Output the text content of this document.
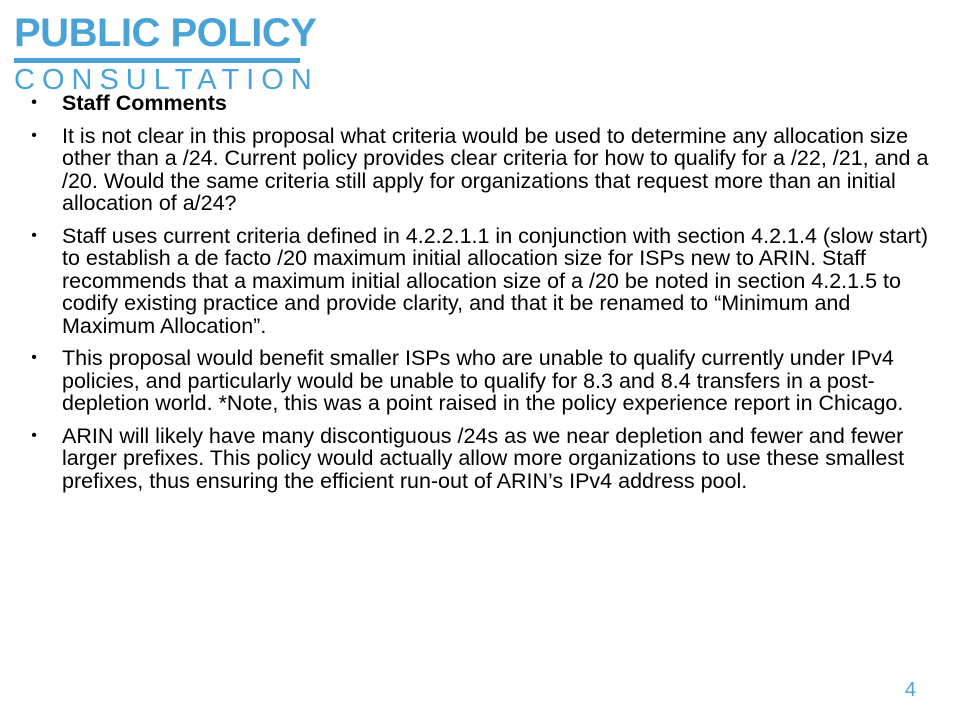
PUBLIC POLICY
CONSULTATION
• Staff Comments
• It is not clear in this proposal what criteria would be used to determine any allocation size other than a /24. Current policy provides clear criteria for how to qualify for a /22, /21, and a /20. Would the same criteria still apply for organizations that request more than an initial allocation of a/24?
• Staff uses current criteria defined in 4.2.2.1.1 in conjunction with section 4.2.1.4 (slow start) to establish a de facto /20 maximum initial allocation size for ISPs new to ARIN. Staff recommends that a maximum initial allocation size of a /20 be noted in section 4.2.1.5 to codify existing practice and provide clarity, and that it be renamed to “Minimum and Maximum Allocation”.
• This proposal would benefit smaller ISPs who are unable to qualify currently under IPv4 policies, and particularly would be unable to qualify for 8.3 and 8.4 transfers in a post-depletion world. *Note, this was a point raised in the policy experience report in Chicago.
• ARIN will likely have many discontiguous /24s as we near depletion and fewer and fewer larger prefixes. This policy would actually allow more organizations to use these smallest prefixes, thus ensuring the efficient run-out of ARIN’s IPv4 address pool.
4
